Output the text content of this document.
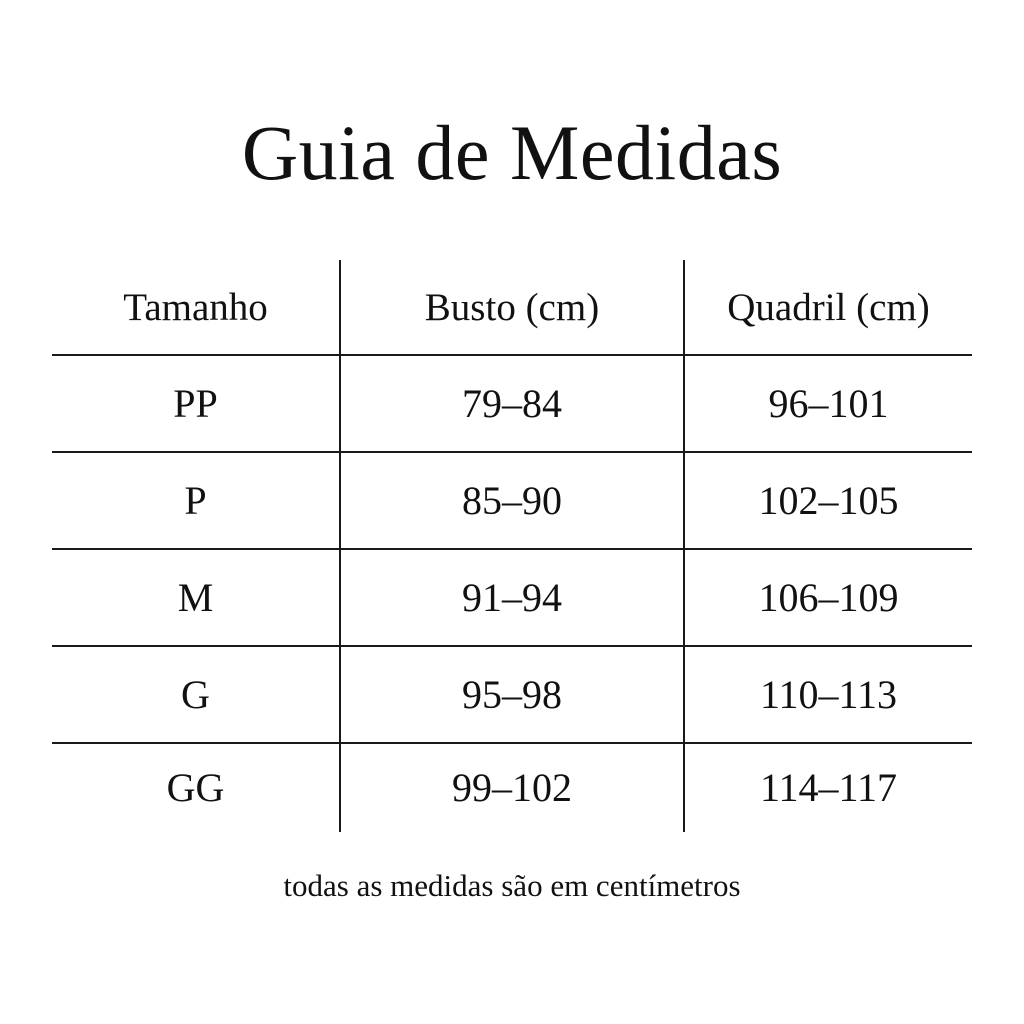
Guia de Medidas
Tamanho	Busto (cm)	Quadril (cm)
PP	79–84	96–101
P	85–90	102–105
M	91–94	106–109
G	95–98	110–113
GG	99–102	114–117

todas as medidas são em centímetros
